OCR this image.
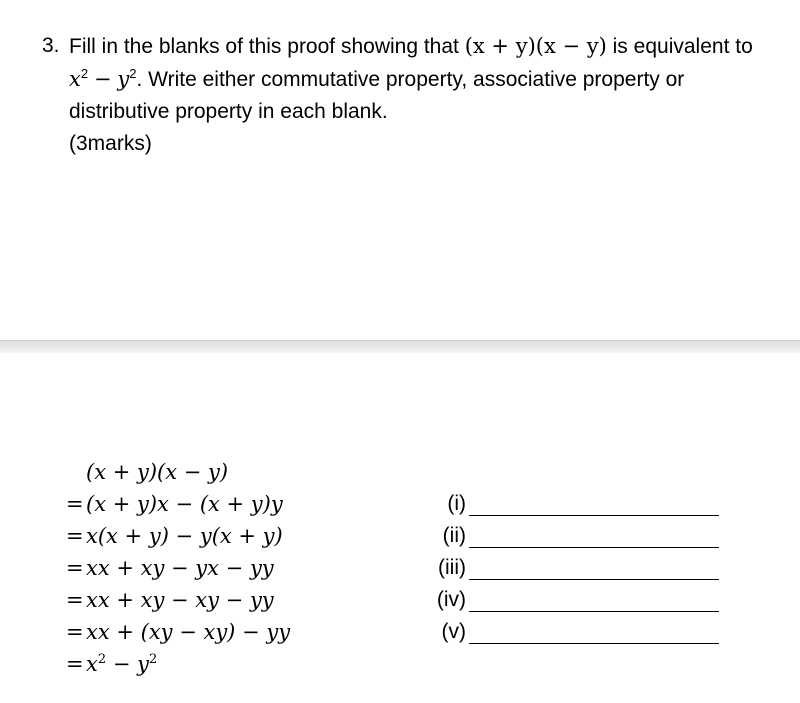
3. Fill in the blanks of this proof showing that (x + y)(x − y) is equivalent to $x^2 - y^2$. Write either commutative property, associative property or distributive property in each blank.
(3marks)
(x + y)(x − y)
= (x + y)x − (x + y)y
= x(x + y) − y(x + y)
= xx + xy − yx − yy
= xx + xy − xy − yy
= xx + (xy − xy) − yy
= $x^2 - y^2$
(i)
(ii)
(iii)
(iv)
(v)
